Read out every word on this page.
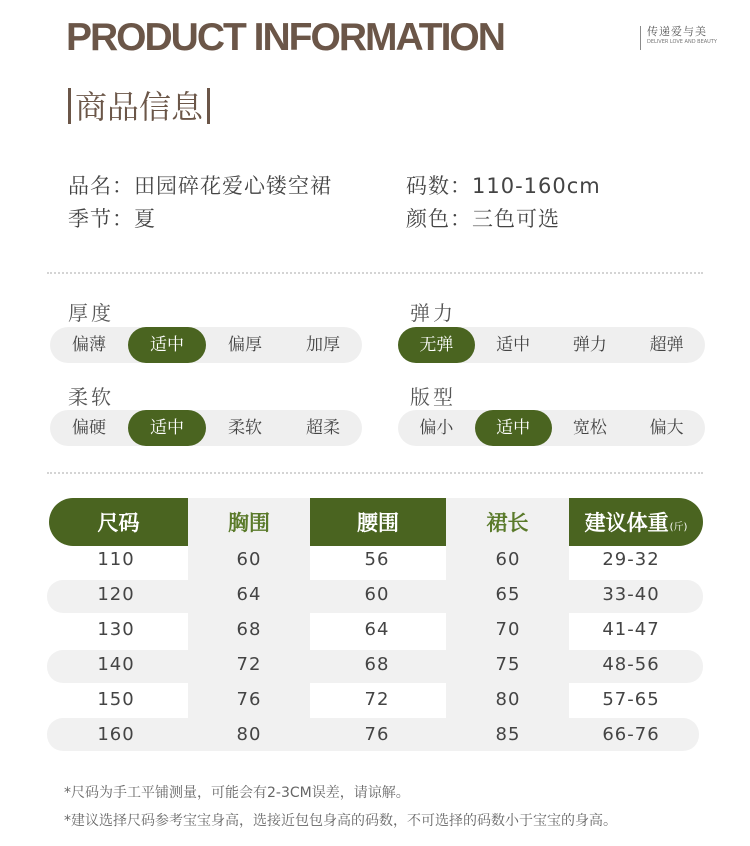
PRODUCT INFORMATION	传递爱与美
DELIVER LOVE AND BEAUTY
商品信息
品名：田园碎花爱心镂空裙	码数：110-160cm
季节：夏	颜色：三色可选
厚度
偏薄	适中	偏厚	加厚
弹力
无弹	适中	弹力	超弹
柔软
偏硬	适中	柔软	超柔
版型
偏小	适中	宽松	偏大
尺码	胸围	腰围	裙长	建议体重 (斤)
110	60	56	60	29-32
120	64	60	65	33-40
130	68	64	70	41-47
140	72	68	75	48-56
150	76	72	80	57-65
160	80	76	85	66-76
*尺码为手工平铺测量，可能会有2-3CM误差，请谅解。
*建议选择尺码参考宝宝身高，选接近包包身高的码数，不可选择的码数小于宝宝的身高。
